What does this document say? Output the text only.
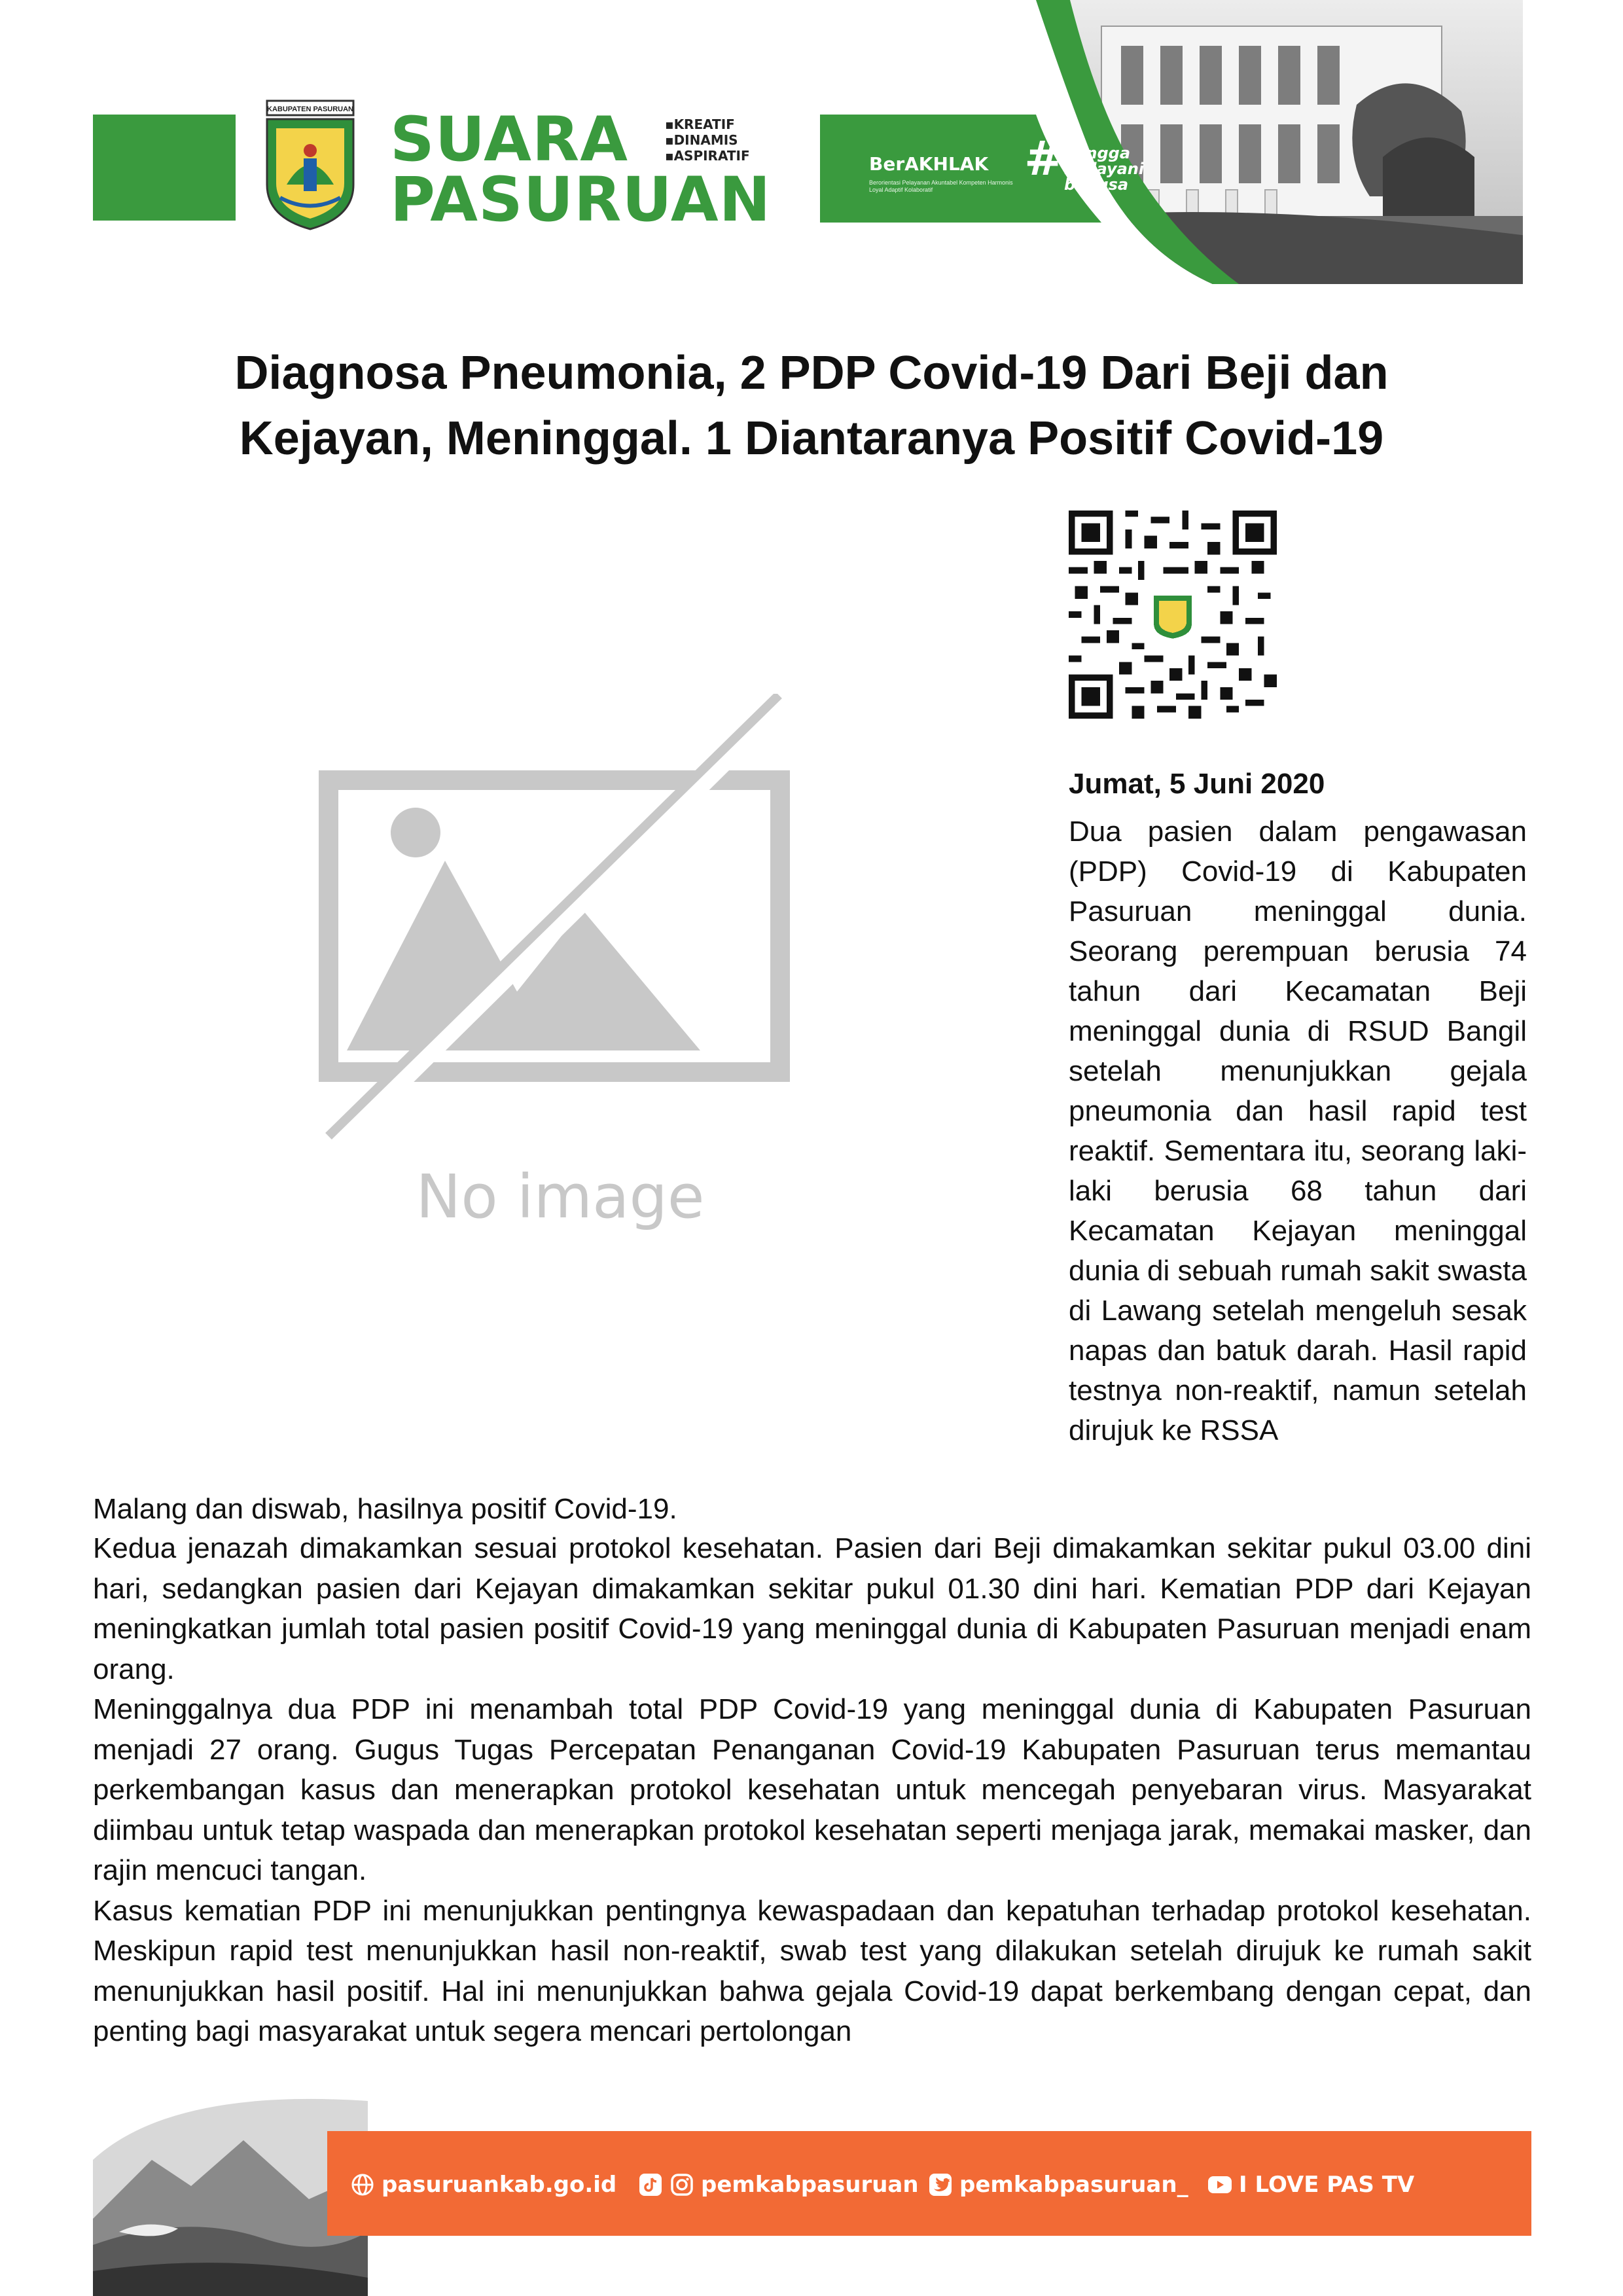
KABUPATEN PASURUAN SUARA
PASURUAN
▪ KREATIF
▪ DINAMIS
▪ ASPIRATIF	BerAKHLAK
Berorientasi Pelayanan Akuntabel Kompeten Harmonis Loyal Adaptif Kolaboratif
# bangga
melayani
bangsa
Diagnosa Pneumonia, 2 PDP Covid-19 Dari Beji dan
Kejayan, Meninggal. 1 Diantaranya Positif Covid-19
No image
Jumat, 5 Juni 2020
Dua pasien dalam pengawasan (PDP) Covid-19 di Kabupaten Pasuruan meninggal dunia. Seorang perempuan berusia 74 tahun dari Kecamatan Beji meninggal dunia di RSUD Bangil setelah menunjukkan gejala pneumonia dan hasil rapid test reaktif. Sementara itu, seorang laki-laki berusia 68 tahun dari Kecamatan Kejayan meninggal dunia di sebuah rumah sakit swasta di Lawang setelah mengeluh sesak napas dan batuk darah. Hasil rapid testnya non-reaktif, namun setelah dirujuk ke RSSA
Malang dan diswab, hasilnya positif Covid-19.

Kedua jenazah dimakamkan sesuai protokol kesehatan. Pasien dari Beji dimakamkan sekitar pukul 03.00 dini hari, sedangkan pasien dari Kejayan dimakamkan sekitar pukul 01.30 dini hari. Kematian PDP dari Kejayan meningkatkan jumlah total pasien positif Covid-19 yang meninggal dunia di Kabupaten Pasuruan menjadi enam orang.

Meninggalnya dua PDP ini menambah total PDP Covid-19 yang meninggal dunia di Kabupaten Pasuruan menjadi 27 orang. Gugus Tugas Percepatan Penanganan Covid-19 Kabupaten Pasuruan terus memantau perkembangan kasus dan menerapkan protokol kesehatan untuk mencegah penyebaran virus. Masyarakat diimbau untuk tetap waspada dan menerapkan protokol kesehatan seperti menjaga jarak, memakai masker, dan rajin mencuci tangan.

Kasus kematian PDP ini menunjukkan pentingnya kewaspadaan dan kepatuhan terhadap protokol kesehatan. Meskipun rapid test menunjukkan hasil non-reaktif, swab test yang dilakukan setelah dirujuk ke rumah sakit menunjukkan hasil positif. Hal ini menunjukkan bahwa gejala Covid-19 dapat berkembang dengan cepat, dan penting bagi masyarakat untuk segera mencari pertolongan

pasuruankab.go.id	pemkabpasuruan pemkabpasuruan_ I LOVE PAS TV
